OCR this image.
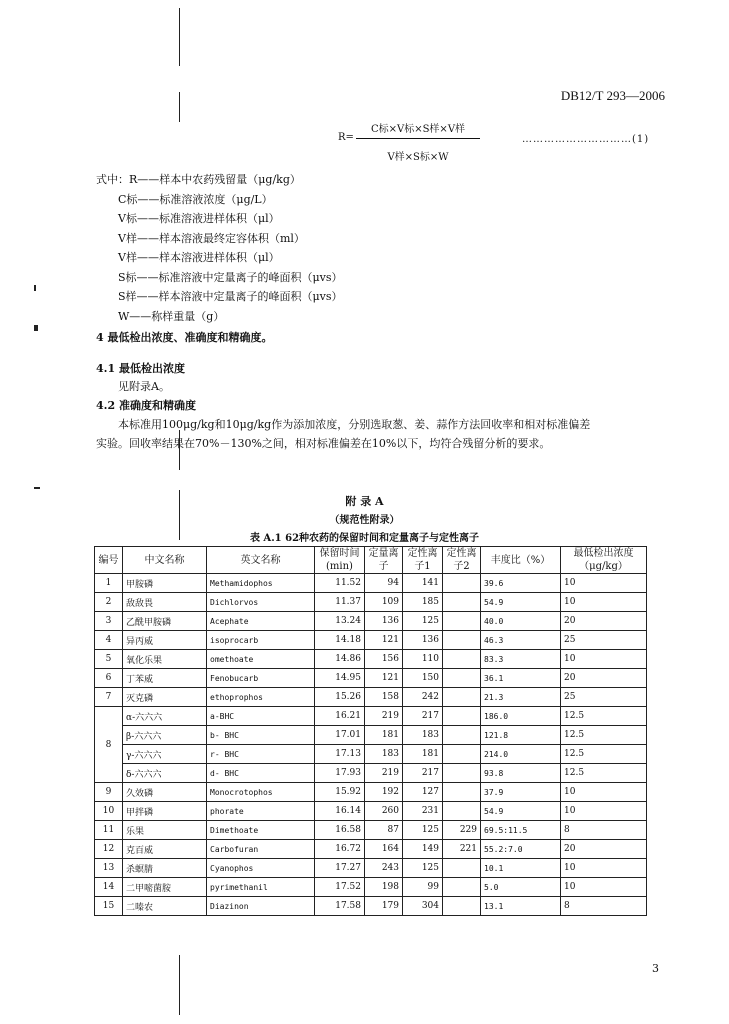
DB12/T 293—2006
R=
C标×V标×S样×V样
V样×S标×W
…………………………(1)
式中：R——样本中农药残留量（μg/kg）
C标——标准溶液浓度（μg/L）
V标——标准溶液进样体积（μl）
V样——样本溶液最终定容体积（ml）
V样——样本溶液进样体积（μl）
S标——标准溶液中定量离子的峰面积（μvs）
S样——样本溶液中定量离子的峰面积（μvs）
W——称样重量（g）
4 最低检出浓度、准确度和精确度。
4.1 最低检出浓度
见附录A。
4.2 准确度和精确度
本标准用100μg/kg和10μg/kg作为添加浓度，分别选取葱、姜、蒜作方法回收率和相对标准偏差
实验。回收率结果在70%－130%之间，相对标准偏差在10%以下，均符合残留分析的要求。
附 录 A
（规范性附录）
表 A.1 62种农药的保留时间和定量离子与定性离子
编号	中文名称	英文名称	保留时间(min)	定量离子	定性离子1	定性离子2	丰度比（%）	最低检出浓度（μg/kg）
1	甲胺磷	Methamidophos	11.52	94	141		39.6	10
2	敌敌畏	Dichlorvos	11.37	109	185		54.9	10
3	乙酰甲胺磷	Acephate	13.24	136	125		40.0	20
4	异丙威	isoprocarb	14.18	121	136		46.3	25
5	氧化乐果	omethoate	14.86	156	110		83.3	10
6	丁苯威	Fenobucarb	14.95	121	150		36.1	20
7	灭克磷	ethoprophos	15.26	158	242		21.3	25
8	α-六六六	a-BHC	16.21	219	217		186.0	12.5
	β-六六六	b- BHC	17.01	181	183		121.8	12.5
	γ-六六六	r- BHC	17.13	183	181		214.0	12.5
	δ-六六六	d- BHC	17.93	219	217		93.8	12.5
9	久效磷	Monocrotophos	15.92	192	127		37.9	10
10	甲拌磷	phorate	16.14	260	231		54.9	10
11	乐果	Dimethoate	16.58	87	125	229	69.5:11.5	8
12	克百威	Carbofuran	16.72	164	149	221	55.2:7.0	20
13	杀螟腈	Cyanophos	17.27	243	125		10.1	10
14	二甲嘧菌胺	pyrimethanil	17.52	198	99		5.0	10
15	二嗪农	Diazinon	17.58	179	304		13.1	8
3
